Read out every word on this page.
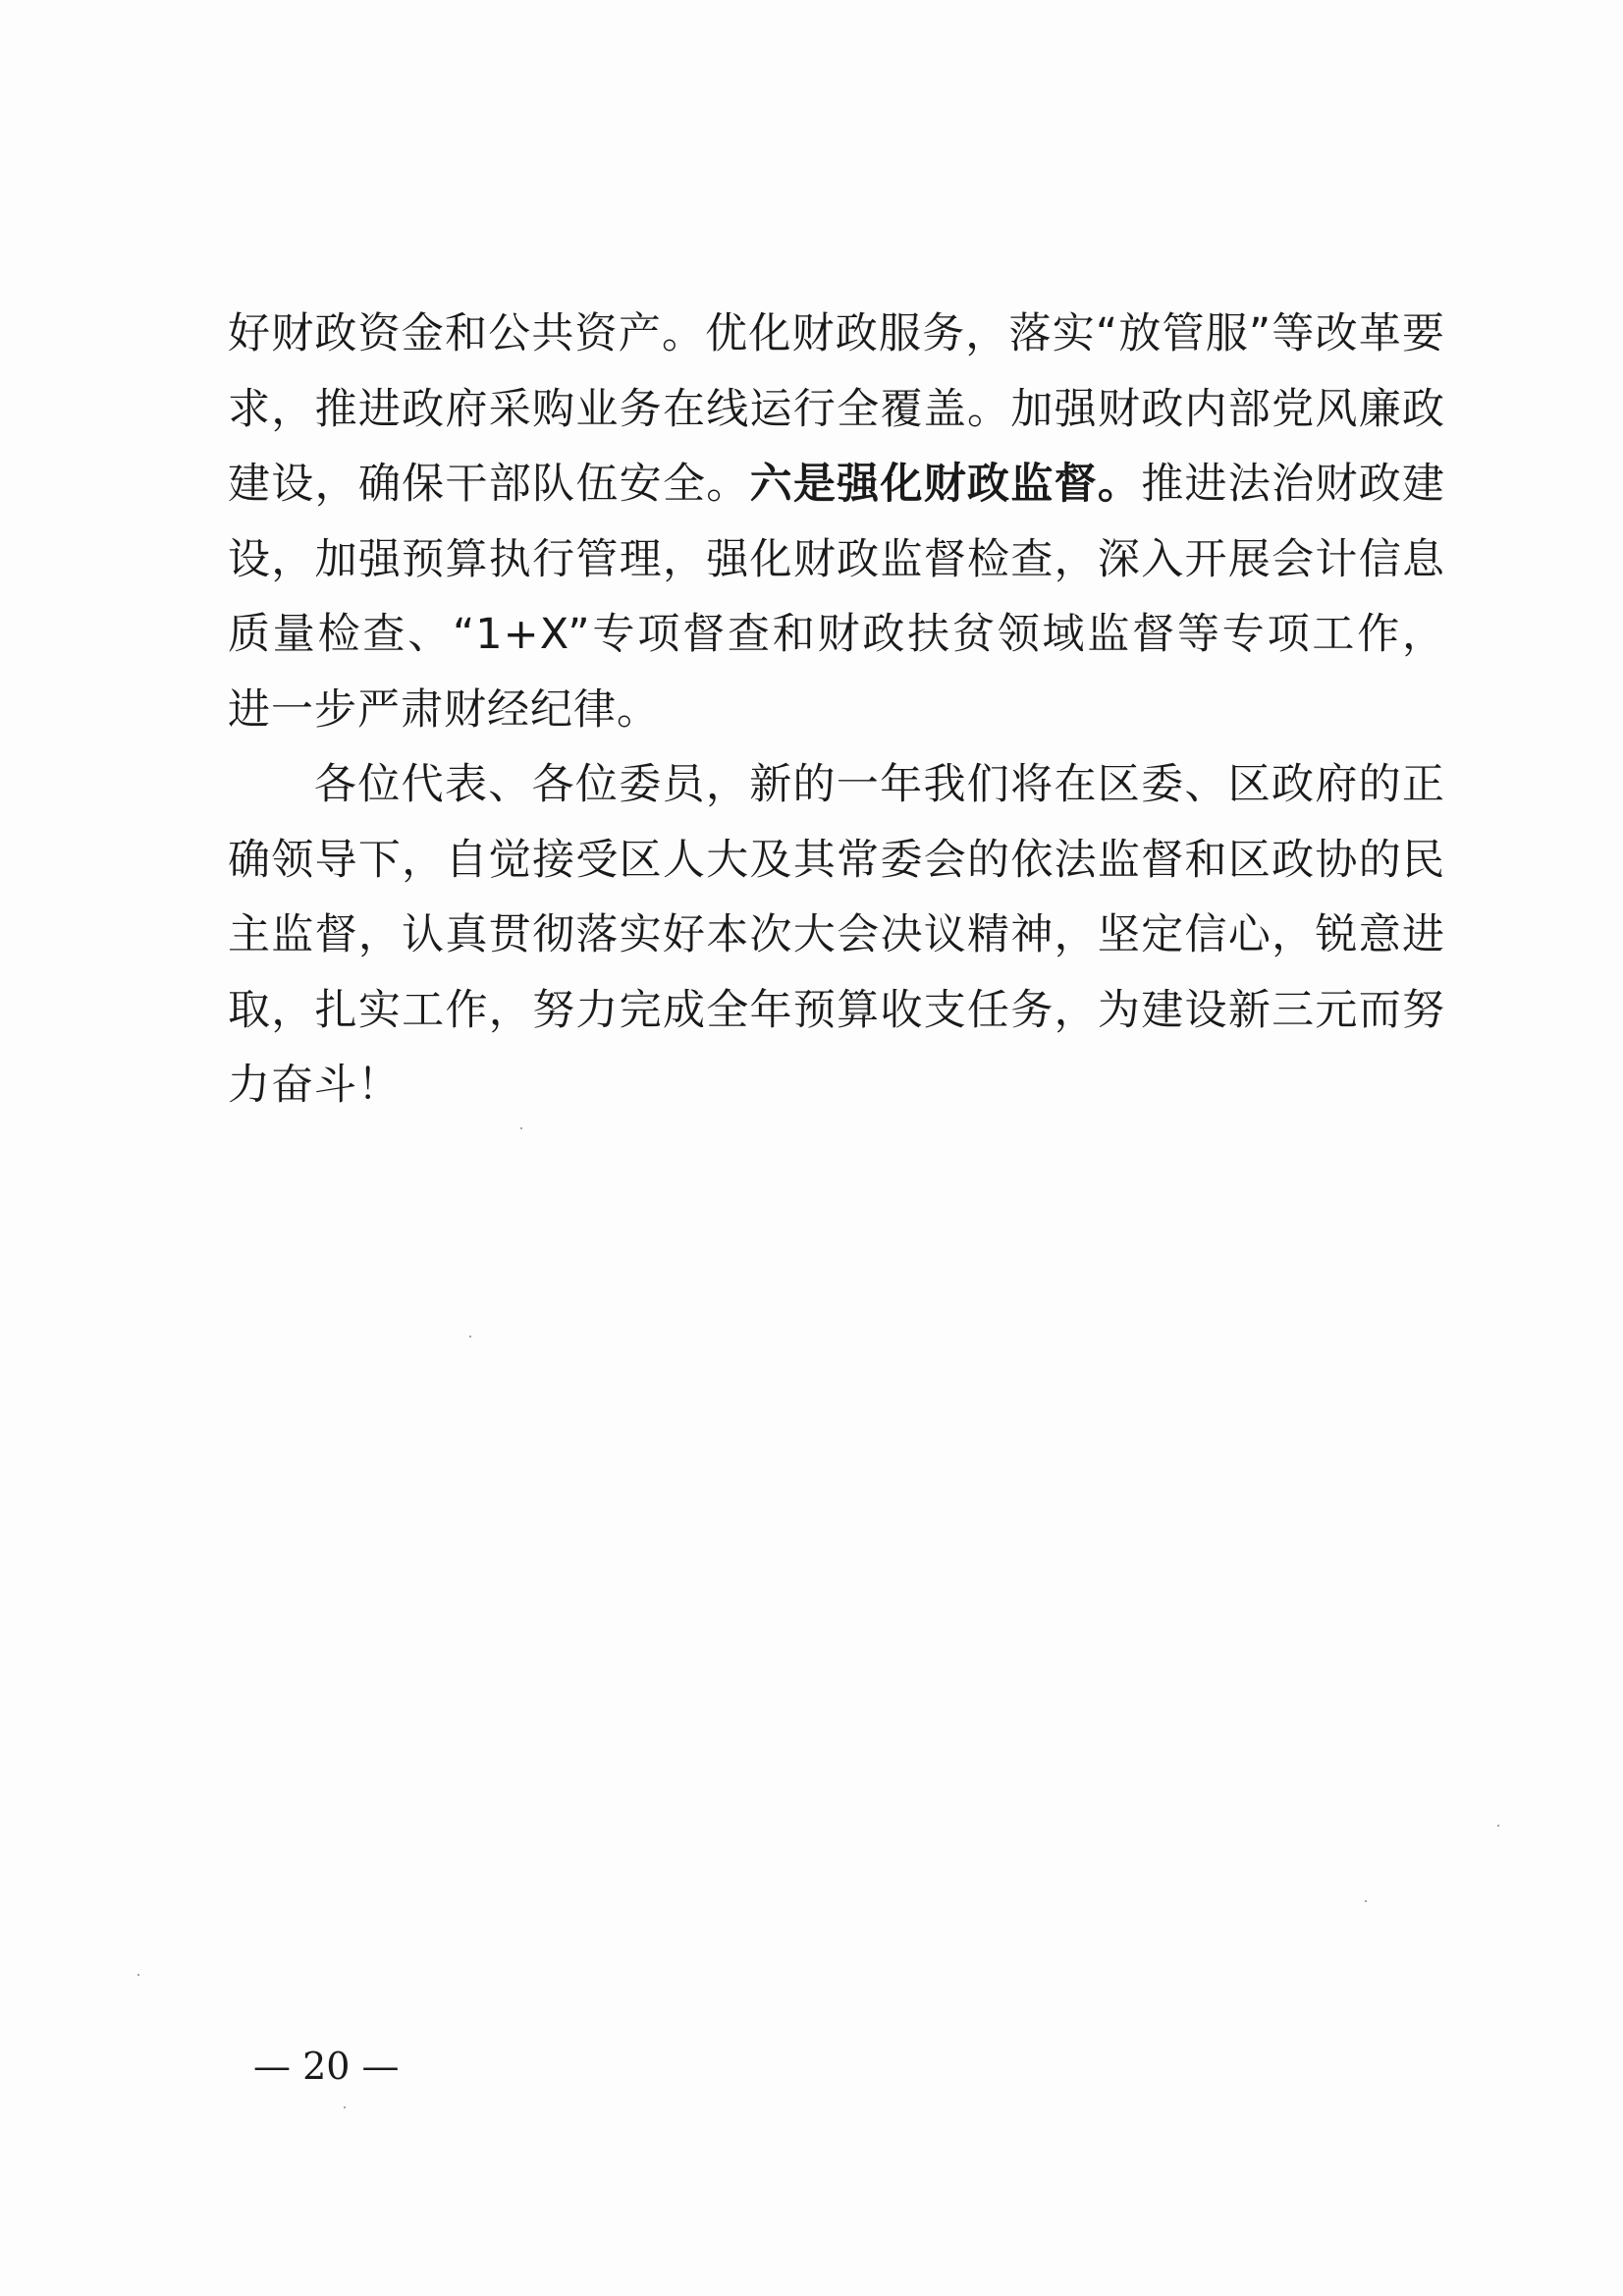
好财政资金和公共资产。优化财政服务，落实“放管服”等改革要求，推进政府采购业务在线运行全覆盖。加强财政内部党风廉政建设，确保干部队伍安全。六是强化财政监督。推进法治财政建设，加强预算执行管理，强化财政监督检查，深入开展会计信息质量检查、“1+X”专项督查和财政扶贫领域监督等专项工作，进一步严肃财经纪律。

各位代表、各位委员，新的一年我们将在区委、区政府的正确领导下，自觉接受区人大及其常委会的依法监督和区政协的民主监督，认真贯彻落实好本次大会决议精神，坚定信心，锐意进取，扎实工作，努力完成全年预算收支任务，为建设新三元而努力奋斗！

— 20 —
